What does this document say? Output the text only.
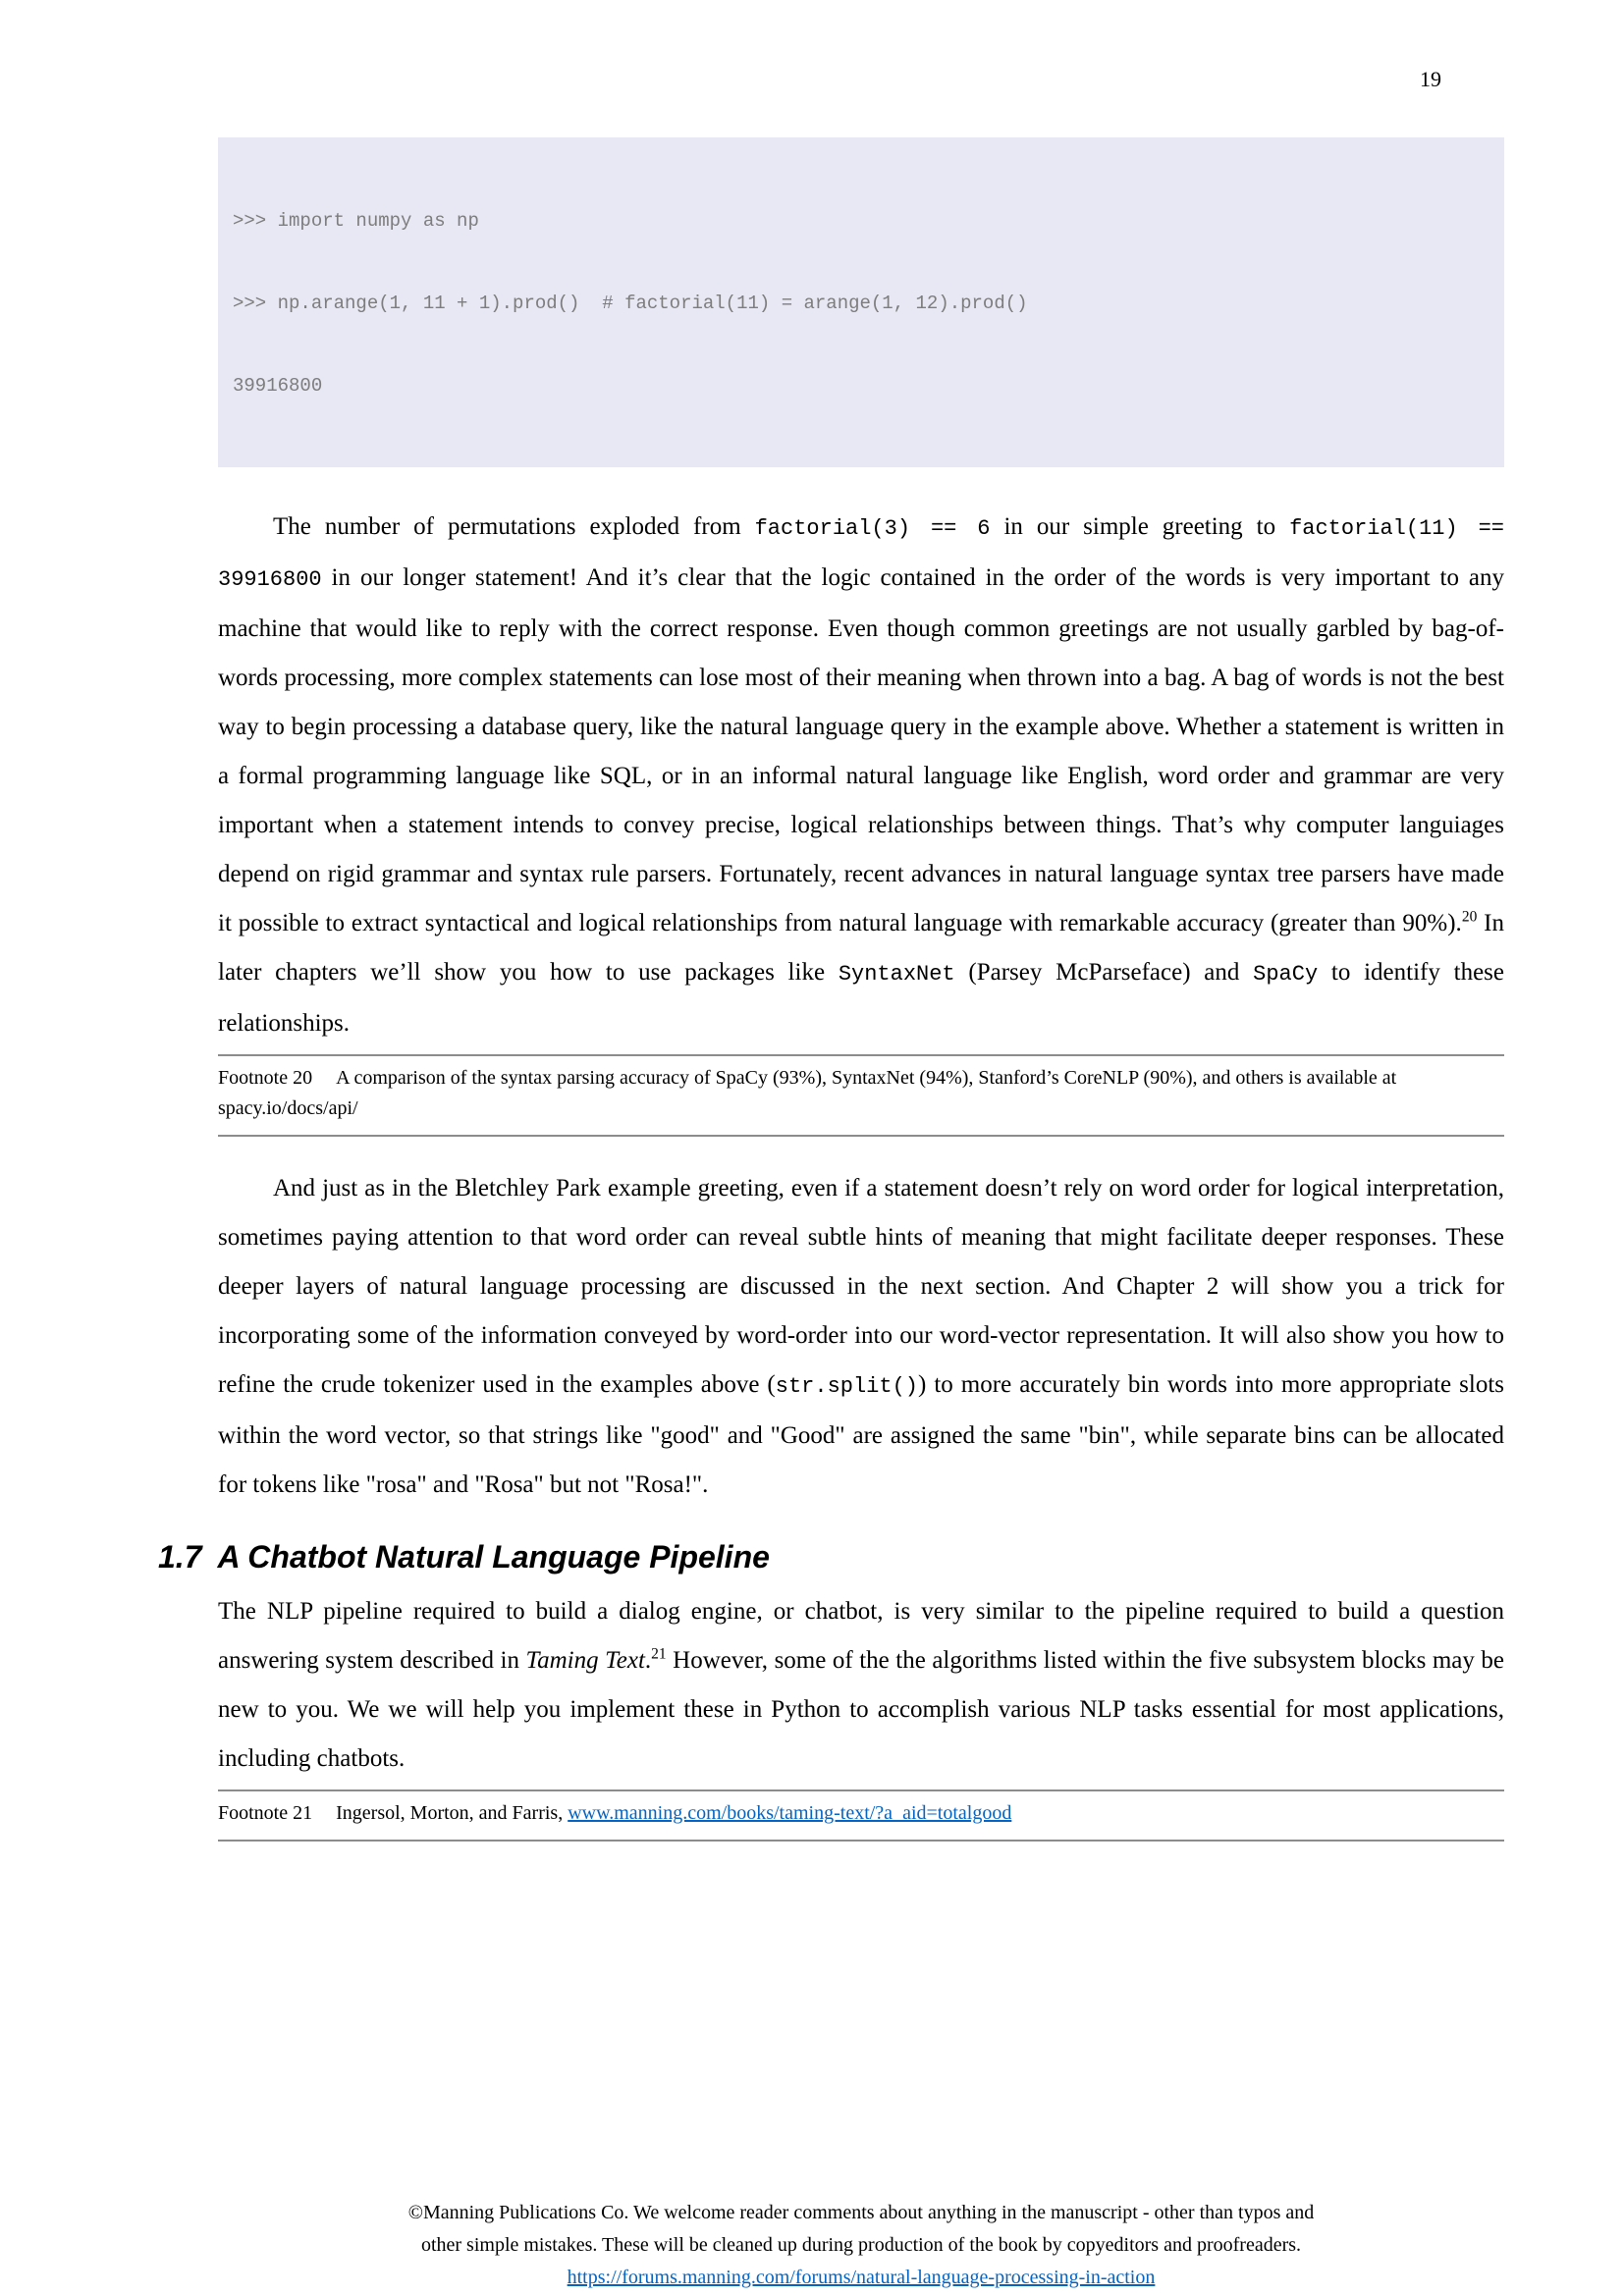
19

>>> import numpy as np

>>> np.arange(1, 11 + 1).prod()  # factorial(11) = arange(1, 12).prod()

39916800

The number of permutations exploded from factorial(3) == 6 in our simple greeting to factorial(11) == 39916800 in our longer statement! And it’s clear that the logic contained in the order of the words is very important to any machine that would like to reply with the correct response. Even though common greetings are not usually garbled by bag-of-words processing, more complex statements can lose most of their meaning when thrown into a bag. A bag of words is not the best way to begin processing a database query, like the natural language query in the example above. Whether a statement is written in a formal programming language like SQL, or in an informal natural language like English, word order and grammar are very important when a statement intends to convey precise, logical relationships between things. That’s why computer languiages depend on rigid grammar and syntax rule parsers. Fortunately, recent advances in natural language syntax tree parsers have made it possible to extract syntactical and logical relationships from natural language with remarkable accuracy (greater than 90%).$^{20}$ In later chapters we’ll show you how to use packages like SyntaxNet (Parsey McParseface) and SpaCy to identify these relationships.

Footnote 20 A comparison of the syntax parsing accuracy of SpaCy (93%), SyntaxNet (94%), Stanford’s CoreNLP (90%), and others is available at spacy.io/docs/api/

And just as in the Bletchley Park example greeting, even if a statement doesn’t rely on word order for logical interpretation, sometimes paying attention to that word order can reveal subtle hints of meaning that might facilitate deeper responses. These deeper layers of natural language processing are discussed in the next section. And Chapter 2 will show you a trick for incorporating some of the information conveyed by word-order into our word-vector representation. It will also show you how to refine the crude tokenizer used in the examples above (str.split()) to more accurately bin words into more appropriate slots within the word vector, so that strings like "good" and "Good" are assigned the same "bin", while separate bins can be allocated for tokens like "rosa" and "Rosa" but not "Rosa!".

1.7 A Chatbot Natural Language Pipeline

The NLP pipeline required to build a dialog engine, or chatbot, is very similar to the pipeline required to build a question answering system described in Taming Text.$^{21}$ However, some of the the algorithms listed within the five subsystem blocks may be new to you. We we will help you implement these in Python to accomplish various NLP tasks essential for most applications, including chatbots.

Footnote 21 Ingersol, Morton, and Farris, www.manning.com/books/taming-text/?a_aid=totalgood
©Manning Publications Co. We welcome reader comments about anything in the manuscript - other than typos and
other simple mistakes. These will be cleaned up during production of the book by copyeditors and proofreaders.
https://forums.manning.com/forums/natural-language-processing-in-action
